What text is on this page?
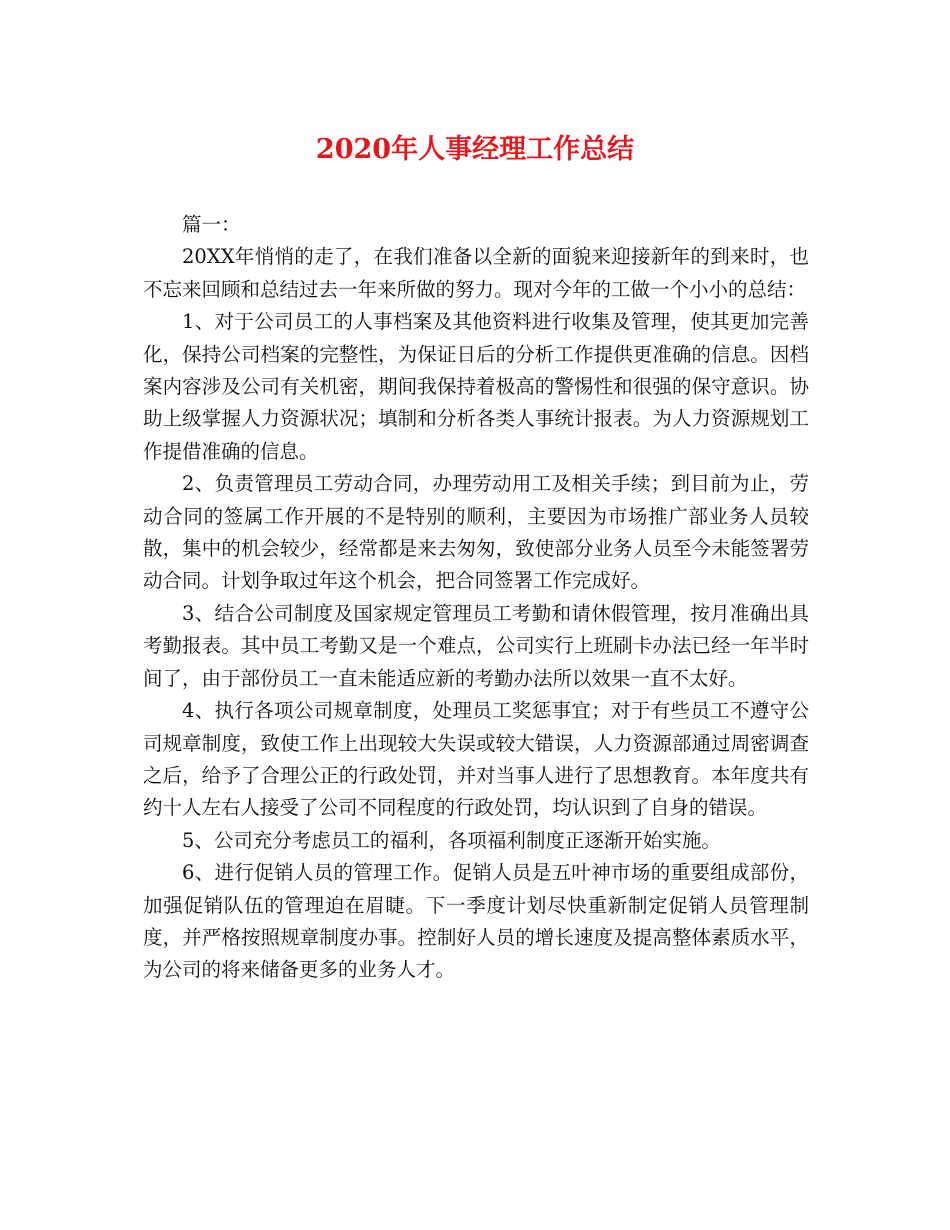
2020年人事经理工作总结

篇一：

20XX年悄悄的走了，在我们准备以全新的面貌来迎接新年的到来时，也不忘来回顾和总结过去一年来所做的努力。现对今年的工做一个小小的总结：

1、对于公司员工的人事档案及其他资料进行收集及管理，使其更加完善化，保持公司档案的完整性，为保证日后的分析工作提供更准确的信息。因档案内容涉及公司有关机密，期间我保持着极高的警惕性和很强的保守意识。协助上级掌握人力资源状况；填制和分析各类人事统计报表。为人力资源规划工作提借准确的信息。

2、负责管理员工劳动合同，办理劳动用工及相关手续；到目前为止，劳动合同的签属工作开展的不是特别的顺利，主要因为市场推广部业务人员较散，集中的机会较少，经常都是来去匆匆，致使部分业务人员至今未能签署劳动合同。计划争取过年这个机会，把合同签署工作完成好。

3、结合公司制度及国家规定管理员工考勤和请休假管理，按月准确出具考勤报表。其中员工考勤又是一个难点，公司实行上班刷卡办法已经一年半时间了，由于部份员工一直未能适应新的考勤办法所以效果一直不太好。

4、执行各项公司规章制度，处理员工奖惩事宜；对于有些员工不遵守公司规章制度，致使工作上出现较大失误或较大错误，人力资源部通过周密调查之后，给予了合理公正的行政处罚，并对当事人进行了思想教育。本年度共有约十人左右人接受了公司不同程度的行政处罚，均认识到了自身的错误。

5、公司充分考虑员工的福利，各项福利制度正逐渐开始实施。

6、进行促销人员的管理工作。促销人员是五叶神市场的重要组成部份，加强促销队伍的管理迫在眉睫。下一季度计划尽快重新制定促销人员管理制度，并严格按照规章制度办事。控制好人员的增长速度及提高整体素质水平，为公司的将来储备更多的业务人才。
